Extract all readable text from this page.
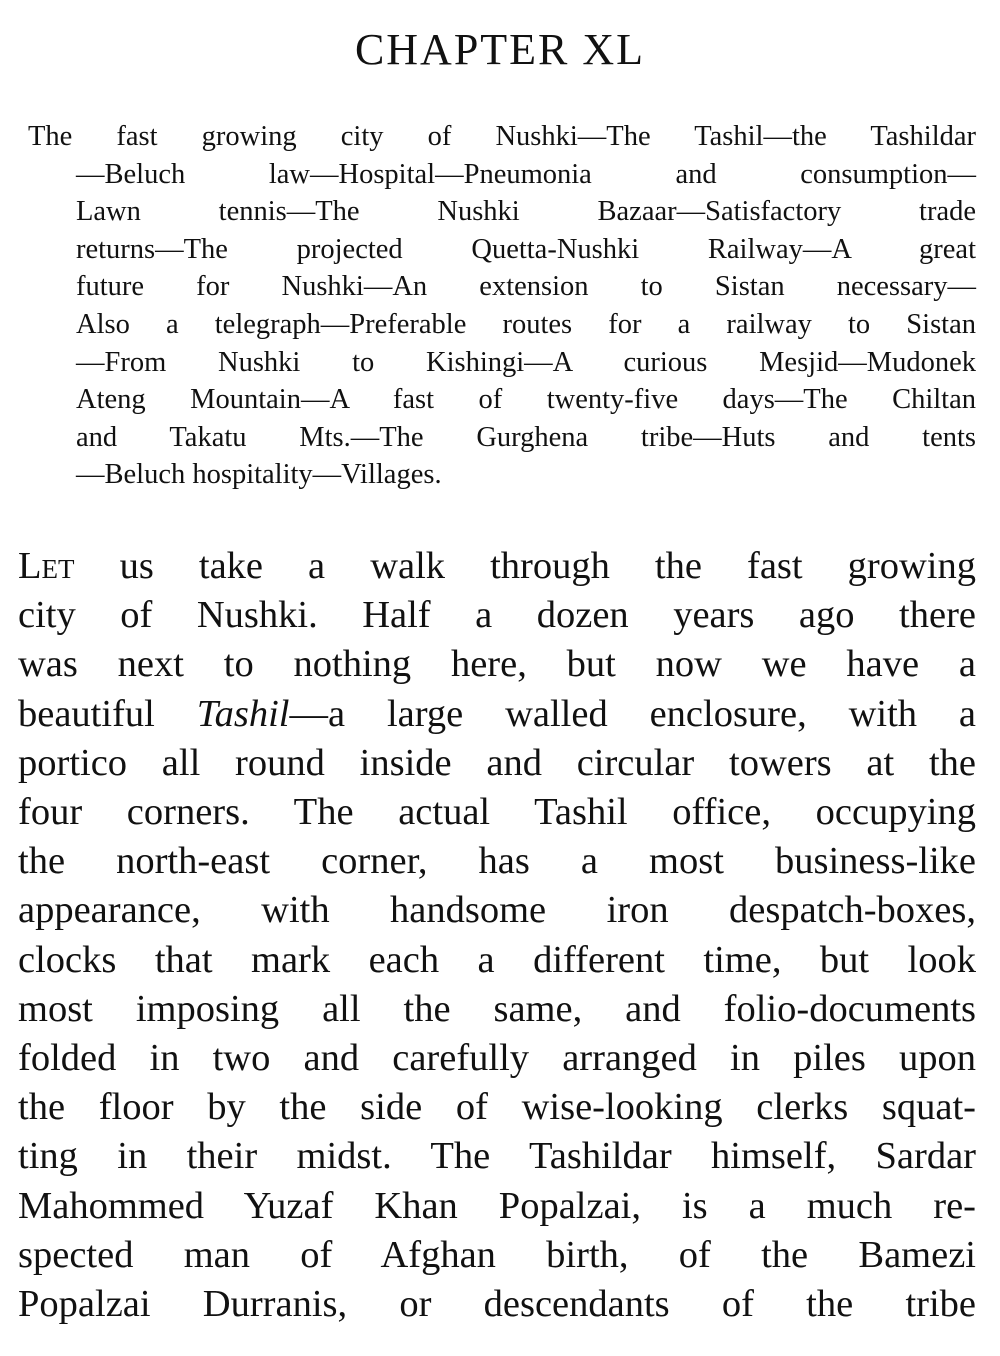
CHAPTER XL
The fast growing city of Nushki—The Tashil—the Tashildar
—Beluch law—Hospital—Pneumonia and consumption—
Lawn tennis—The Nushki Bazaar—Satisfactory trade
returns—The projected Quetta-Nushki Railway—A great
future for Nushki—An extension to Sistan necessary—
Also a telegraph—Preferable routes for a railway to Sistan
—From Nushki to Kishingi—A curious Mesjid—Mudonek
Ateng Mountain—A fast of twenty-five days—The Chiltan
and Takatu Mts.—The Gurghena tribe—Huts and tents
—Beluch hospitality—Villages.
Let us take a walk through the fast growing
city of Nushki. Half a dozen years ago there
was next to nothing here, but now we have a
beautiful Tashil—a large walled enclosure, with a
portico all round inside and circular towers at the
four corners. The actual Tashil office, occupying
the north-east corner, has a most business-like
appearance, with handsome iron despatch-boxes,
clocks that mark each a different time, but look
most imposing all the same, and folio-documents
folded in two and carefully arranged in piles upon
the floor by the side of wise-looking clerks squat-
ting in their midst. The Tashildar himself, Sardar
Mahommed Yuzaf Khan Popalzai, is a much re-
spected man of Afghan birth, of the Bamezi
Popalzai Durranis, or descendants of the tribe
